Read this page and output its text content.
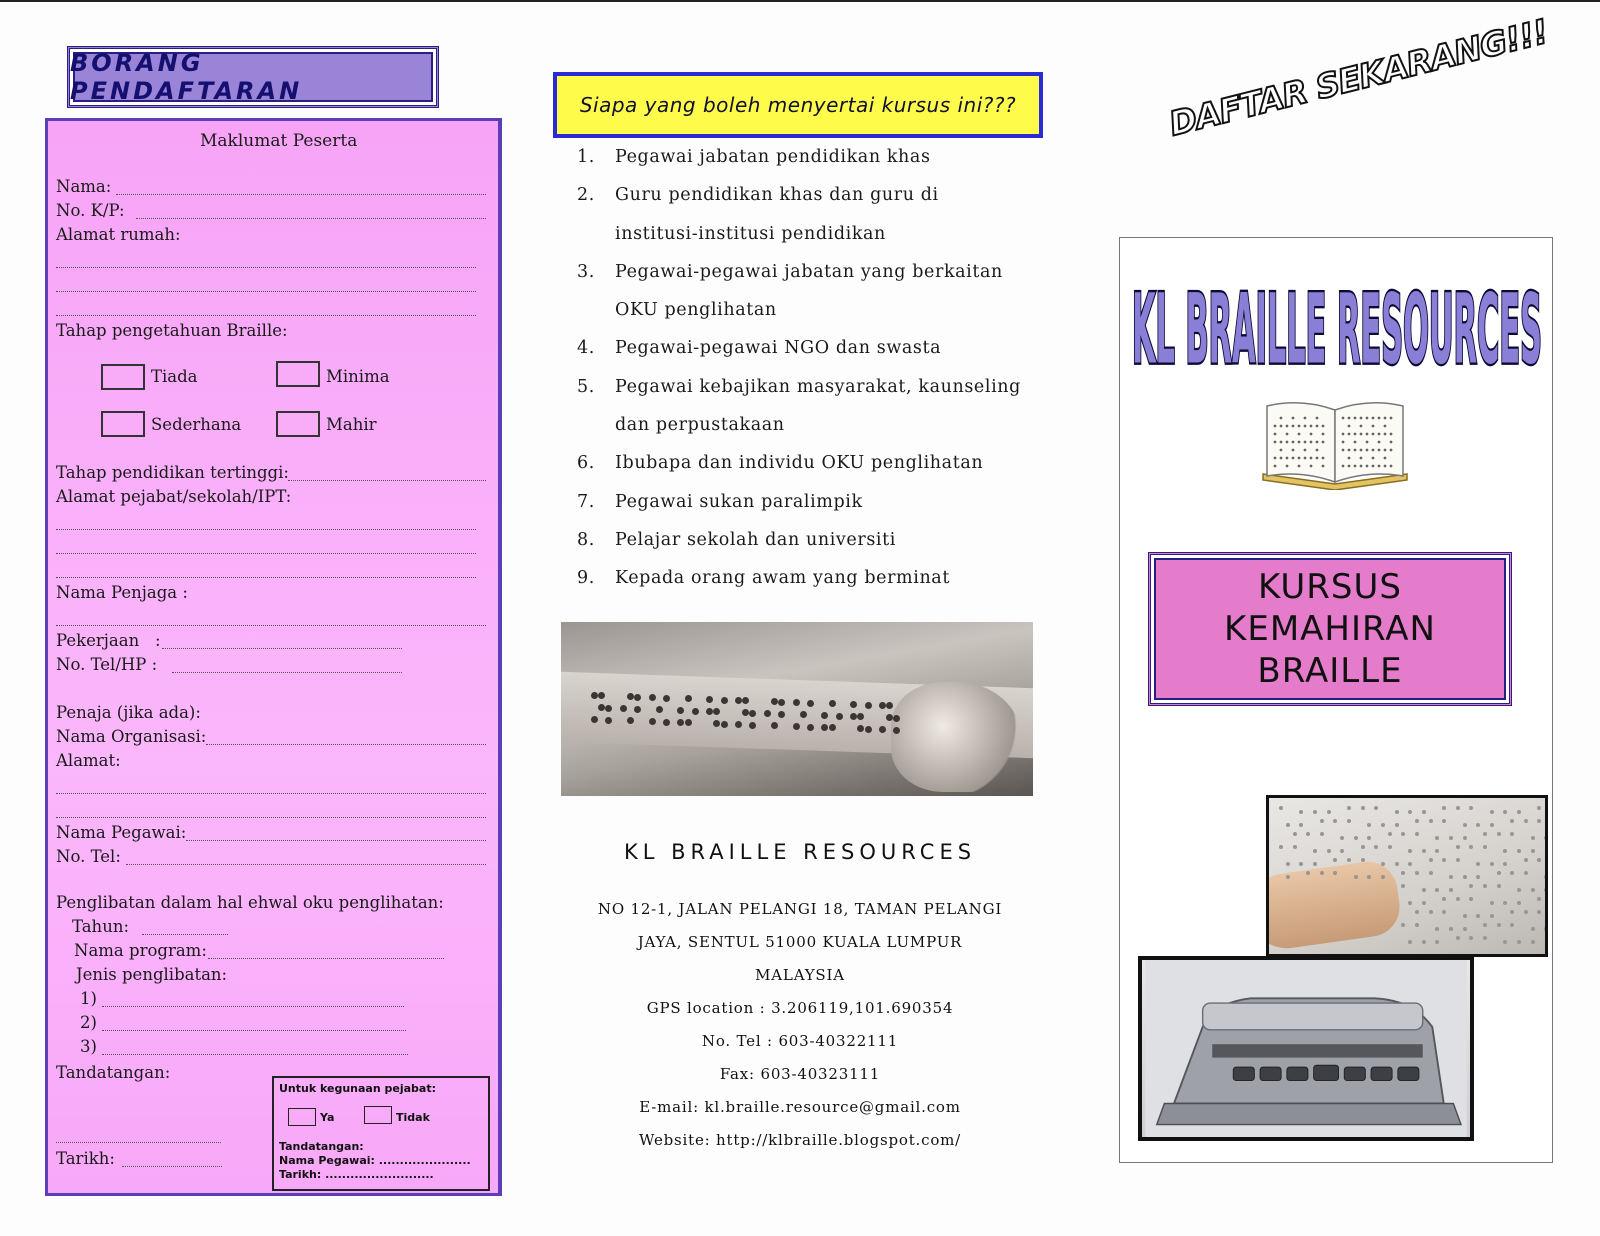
BORANG PENDAFTARAN
Maklumat Peserta
Nama:
No. K/P:
Alamat rumah:
Tahap pengetahuan Braille:
Tiada	Minima
Sederhana	Mahir
Tahap pendidikan tertinggi:
Alamat pejabat/sekolah/IPT:
Nama Penjaga :
Pekerjaan :
No. Tel/HP :
Penaja (jika ada):
Nama Organisasi:
Alamat:
Nama Pegawai:
No. Tel:
Penglibatan dalam hal ehwal oku penglihatan:
Tahun:
Nama program:
Jenis penglibatan:
1)
2)
3)
Tandatangan:
Tarikh:
Untuk kegunaan pejabat:
Ya	Tidak
Tandatangan:
Nama Pegawai: ......................
Tarikh: ..........................
Siapa yang boleh menyertai kursus ini???
1. Pegawai jabatan pendidikan khas
2. Guru pendidikan khas dan guru di
institusi-institusi pendidikan
3. Pegawai-pegawai jabatan yang berkaitan
OKU penglihatan
4. Pegawai-pegawai NGO dan swasta
5. Pegawai kebajikan masyarakat, kaunseling
dan perpustakaan
6. Ibubapa dan individu OKU penglihatan
7. Pegawai sukan paralimpik
8. Pelajar sekolah dan universiti
9. Kepada orang awam yang berminat
KL BRAILLE RESOURCES
NO 12-1, JALAN PELANGI 18, TAMAN PELANGI
JAYA, SENTUL 51000 KUALA LUMPUR
MALAYSIA
GPS location : 3.206119,101.690354
No. Tel : 603-40322111
Fax: 603-40323111
E-mail: kl.braille.resource@gmail.com
Website: http://klbraille.blogspot.com/
DAFTAR SEKARANG!!!
KL BRAILLE RESOURCES
KURSUS
KEMAHIRAN
BRAILLE
